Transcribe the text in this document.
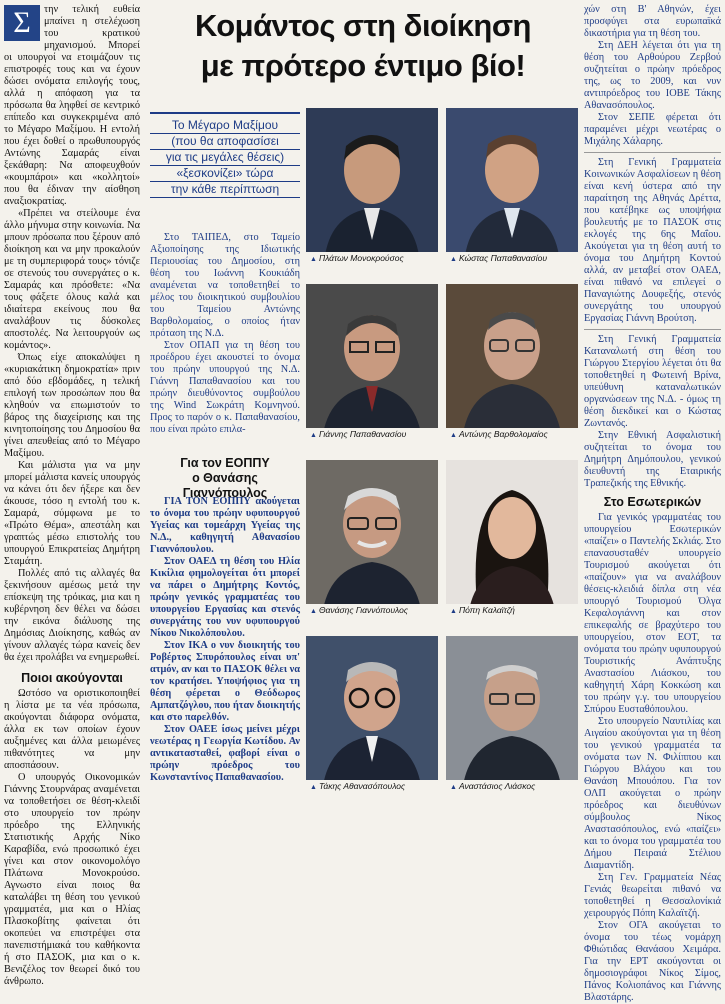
Σ	την τελική ευθεία μπαίνει η στελέχωση του κρατικού μηχανισμού. Μπορεί οι υπουργοί να ετοιμάζουν τις επιστροφές τους και να έχουν δώσει ονόματα επιλογής τους, αλλά η απόφαση για τα πρόσωπα θα ληφθεί σε κεντρικό επίπεδο και συγκεκριμένα από το Μέγαρο Μαξίμου. Η εντολή που έχει δοθεί ο πρωθυπουργός Αντώνης Σαμαράς είναι ξεκάθαρη: Να αποφευχθούν «κουμπάροι» και «κολλητοί» που θα έδιναν την αίσθηση αναξιοκρατίας.

«Πρέπει να στείλουμε ένα άλλο μήνυμα στην κοινωνία. Να μπουν πρόσωπα που ξέρουν από διοίκηση και να μην προκαλούν με τη συμπεριφορά τους» τόνιζε σε στενούς του συνεργάτες ο κ. Σαμαράς και πρόσθετε: «Να τους φάξετε όλους καλά και ιδιαίτερα εκείνους που θα αναλάβουν τις δύσκολες αποστολές. Να λειτουργούν ως κομάντος».

Όπως είχε αποκαλύψει η «κυριακάτικη δημοκρατία» πριν από δύο εβδομάδες, η τελική επιλογή των προσώπων που θα κληθούν να επωμιστούν το βάρος της διαχείρισης και της κινητοποίησης του Δημοσίου θα γίνει απευθείας από το Μέγαρο Μαξίμου.

Και μάλιστα για να μην μπορεί μάλιστα κανείς υπουργός να κάνει ότι δεν ήξερε και δεν άκουσε, τόσο η εντολή του κ. Σαμαρά, σύμφωνα με το «Πρώτο Θέμα», απεστάλη και γραπτώς μέσω επιστολής του υπουργού Επικρατείας Δημήτρη Σταμάτη.

Πολλές από τις αλλαγές θα ξεκινήσουν αμέσως μετά την επίσκεψη της τρόικας, μια και η κυβέρνηση δεν θέλει να δώσει την εικόνα διάλυσης της Δημόσιας Διοίκησης, καθώς αν γίνουν αλλαγές τώρα κανείς δεν θα έχει προλάβει να ενημερωθεί.

Ποιοι ακούγονται

Ωστόσο να οριστικοποιηθεί η λίστα με τα νέα πρόσωπα, ακούγονται διάφορα ονόματα, άλλα εκ των οποίων έχουν αυξημένες και άλλα μειωμένες πιθανότητες να μην αποσπάσουν.

Ο υπουργός Οικονομικών Γιάννης Στουρνάρας αναμένεται να τοποθετήσει σε θέση-κλειδί στο υπουργείο τον πρώην πρόεδρο της Ελληνικής Στατιστικής Αρχής Νίκο Καραβίδα, ενώ προσωπικό έχει γίνει και στον οικονομολόγο Πλάτωνα Μονοκρούσο. Αγνωστο είναι ποιος θα καταλάβει τη θέση του γενικού γραμματέα, μια και ο Ηλίας Πλασκοβίτης φαίνεται ότι οκοπεύει να επιστρέψει στα πανεπιστήμιακά του καθήκοντα ή στο ΠΑΣΟΚ, μια και ο κ. Βενιζέλος τον θεωρεί δικό του άνθρωπο.

Κομάντος στη διοίκηση
με πρότερο έντιμο βίο!
Το Μέγαρο Μαξίμου
(που θα αποφασίσει
για τις μεγάλες θέσεις)
«ξεσκονίζει» τώρα
την κάθε περίπτωση

Στο ΤΑΙΠΕΔ, στο Ταμείο Αξιοποίησης της Ιδιωτικής Περιουσίας του Δημοσίου, στη θέση του Ιωάννη Κουκιάδη αναμένεται να τοποθετηθεί το μέλος του διοικητικού συμβουλίου του Ταμείου Αντώνης Βαρθολομαίος, ο οποίος ήταν πρόταση της Ν.Δ.

Στον ΟΠΑΠ για τη θέση του προέδρου έχει ακουστεί το όνομα του πρώην υπουργού της Ν.Δ. Γιάννη Παπαθανασίου και του πρώην διευθύνοντος συμβούλου της Wind Σωκράτη Κομνηνού. Προς το παρόν ο κ. Παπαθανασίου, που είναι πρώτο επιλα-

Για τον ΕΟΠΠΥ
ο Θανάσης
Γιαννόπουλος

ΓΙΑ ΤΟΝ ΕΟΠΠΥ ακούγεται το όνομα του πρώην υφυπουργού Υγείας και τομεάρχη Υγείας της Ν.Δ., καθηγητή Αθανασίου Γιαννόπουλου.

Στον ΟΑΕΔ τη θέση του Ηλία Κικίλια φημολογείται ότι μπορεί να πάρει ο Δημήτρης Κοντός, πρώην γενικός γραμματέας του υπουργείου Εργασίας και στενός συνεργάτης του νυν υφυπουργού Νίκου Νικολόπουλου.

Στον ΙΚΑ ο νυν διοικητής του Ροβέρτος Σπυρόπουλος είναι υπ' ατμόν, αν και το ΠΑΣΟΚ θέλει να τον κρατήσει. Υποψήφιος για τη θέση φέρεται ο Θεόδωρος Αμπατζόγλου, που ήταν διοικητής και στο παρελθόν.

Στον ΟΑΕΕ ίσως μείνει μέχρι νεωτέρας η Γεωργία Κωτίδου. Αν αντικατασταθεί, φαβορί είναι ο πρώην πρόεδρος του Κωνσταντίνος Παπαθανασίου.

▲ Πλάτων Μονοκρούσος	▲ Κώστας Παπαθανασίου
▲ Γιάννης Παπαθανασίου	▲ Αντώνης Βαρθολομαίος
▲ Θανάσης Γιαννόπουλος	▲ Πόπη Καλαϊτζή
▲ Τάκης Αθανασόπουλος	▲ Αναστάσιος Λιάσκος

χών στη Β' Αθηνών, έχει προσφύγει στα ευρωπαϊκά δικαστήρια για τη θέση του.

Στη ΔΕΗ λέγεται ότι για τη θέση του Αρθούρου Ζερβού συζητείται ο πρώην πρόεδρος της, ως το 2009, και νυν αντιπρόεδρος του ΙΟΒΕ Τάκης Αθανασόπουλος.

Στον ΣΕΠΕ φέρεται ότι παραμένει μέχρι νεωτέρας ο Μιχάλης Χάλαρης.

Στη Γενική Γραμματεία Κοινωνικών Ασφαλίσεων η θέση είναι κενή ύστερα από την παραίτηση της Αθηνάς Δρέττα, που κατέβηκε ως υποψήφια βουλευτής με το ΠΑΣΟΚ στις εκλογές της 6ης Μαΐου. Ακούγεται για τη θέση αυτή το όνομα του Δημήτρη Κοντού αλλά, αν μεταβεί στον ΟΑΕΔ, είναι πιθανό να επιλεγεί ο Παναγιώτης Δουφεξής, στενός συνεργάτης του υπουργού Εργασίας Γιάννη Βρούτση.

Στη Γενική Γραμματεία Καταναλωτή στη θέση του Γιώργου Στεργίου λέγεται ότι θα τοποθετηθεί η Φωτεινή Βρίνα, υπεύθυνη καταναλωτικών οργανώσεων της Ν.Δ. - όμως τη θέση διεκδικεί και ο Κώστας Ζωντανός.

Στην Εθνική Ασφαλιστική συζητείται το όνομα του Δημήτρη Δημόπουλου, γενικού διευθυντή της Εταιρικής Τραπεζικής της Εθνικής.

Στο Εσωτερικών

Για γενικός γραμματέας του υπουργείου Εσωτερικών «παίζει» ο Παντελής Σκλιάς. Στο επανασυσταθέν υπουργείο Τουρισμού ακούγεται ότι «παίζουν» για να αναλάβουν θέσεις-κλειδιά δίπλα στη νέα υπουργό Τουρισμού Όλγα Κεφαλογιάννη και στον επικεφαλής σε βραχύτερο του υπουργείου, στον ΕΟΤ, τα ονόματα του πρώην υφυπουργού Τουριστικής Ανάπτυξης Αναστασίου Λιάσκου, του καθηγητή Χάρη Κοκκώση και του πρώην γ.γ. του υπουργείου Σπύρου Ευσταθόπουλου.

Στο υπουργείο Ναυτιλίας και Αιγαίου ακούγονται για τη θέση του γενικού γραμματέα τα ονόματα των Ν. Φιλίππου και Γιώργου Βλάχου και του Θανάση Μπουόπου. Για τον ΟΛΠ ακούγεται ο πρώην πρόεδρος και διευθύνων σύμβουλος Νίκος Αναστασόπουλος, ενώ «παίζει» και το όνομα του γραμματέα του Δήμου Πειραιά Στέλιου Διαμαντίδη.

Στη Γεν. Γραμματεία Νέας Γενιάς θεωρείται πιθανό να τοποθετηθεί η Θεσσαλονίκιά χειρουργός Πόπη Καλαϊτζή.

Στον ΟΓΑ ακούγεται το όνομα του τέως νομάρχη Φθιώτιδας Θανάσου Χειμάρα. Για την ΕΡΤ ακούγονται οι δημοσιογράφοι Νίκος Σίμος, Πάνος Κολιοπάνος και Γιάννης Βλαστάρης.
